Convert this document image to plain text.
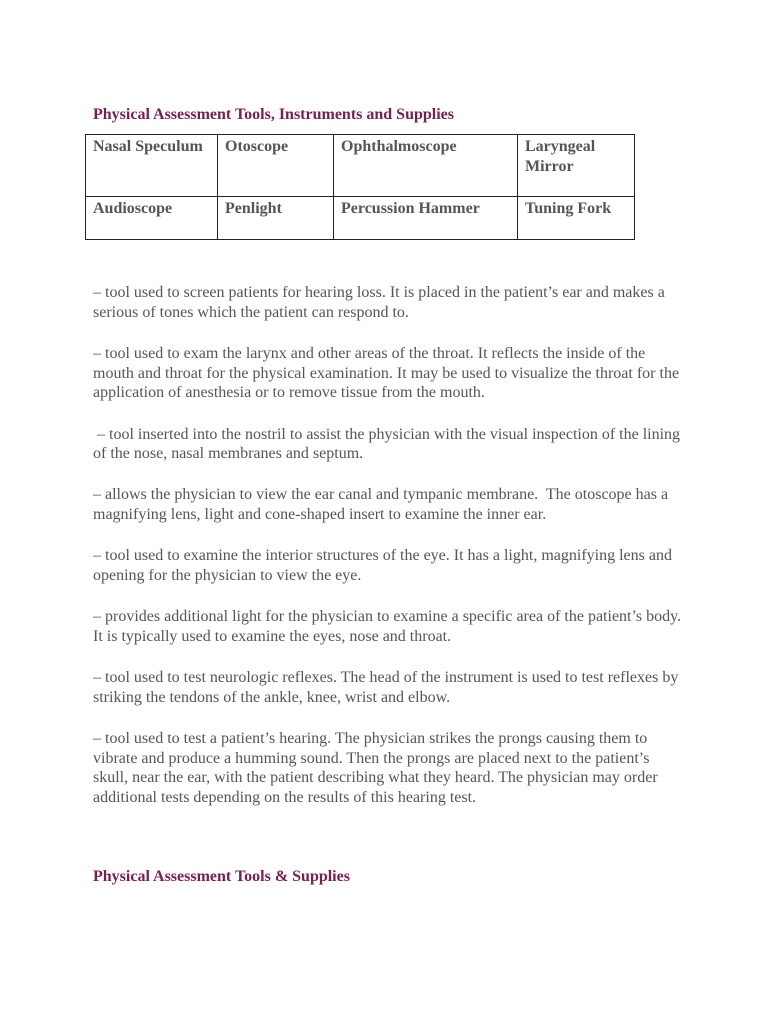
Physical Assessment Tools, Instruments and Supplies
Nasal Speculum	Otoscope	Ophthalmoscope	Laryngeal Mirror
Audioscope	Penlight	Percussion Hammer	Tuning Fork

– tool used to screen patients for hearing loss. It is placed in the patient’s ear and makes a serious of tones which the patient can respond to.

– tool used to exam the larynx and other areas of the throat. It reflects the inside of the mouth and throat for the physical examination. It may be used to visualize the throat for the application of anesthesia or to remove tissue from the mouth.

– tool inserted into the nostril to assist the physician with the visual inspection of the lining of the nose, nasal membranes and septum.

– allows the physician to view the ear canal and tympanic membrane.  The otoscope has a magnifying lens, light and cone-shaped insert to examine the inner ear.

– tool used to examine the interior structures of the eye. It has a light, magnifying lens and opening for the physician to view the eye.

– provides additional light for the physician to examine a specific area of the patient’s body. It is typically used to examine the eyes, nose and throat.

– tool used to test neurologic reflexes. The head of the instrument is used to test reflexes by striking the tendons of the ankle, knee, wrist and elbow.

– tool used to test a patient’s hearing. The physician strikes the prongs causing them to vibrate and produce a humming sound. Then the prongs are placed next to the patient’s skull, near the ear, with the patient describing what they heard. The physician may order additional tests depending on the results of this hearing test.

Physical Assessment Tools & Supplies
